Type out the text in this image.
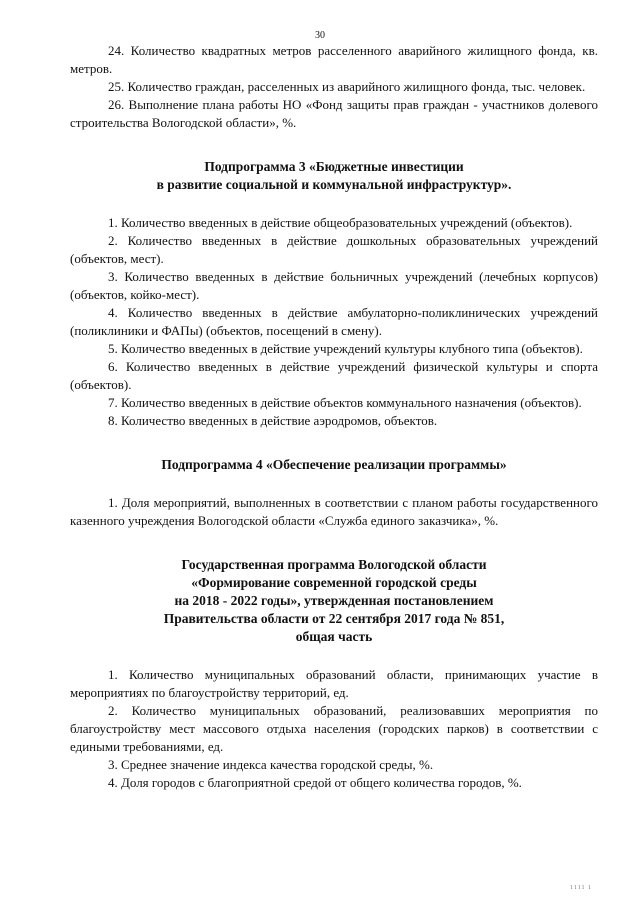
30

24. Количество квадратных метров расселенного аварийного жилищного фонда, кв. метров.

25. Количество граждан, расселенных из аварийного жилищного фонда, тыс. человек.

26. Выполнение плана работы НО «Фонд защиты прав граждан - участников долевого строительства Вологодской области», %.

Подпрограмма 3 «Бюджетные инвестиции
в развитие социальной и коммунальной инфраструктур».

1. Количество введенных в действие общеобразовательных учреждений (объектов).

2. Количество введенных в действие дошкольных образовательных учреждений (объектов, мест).

3. Количество введенных в действие больничных учреждений (лечебных корпусов) (объектов, койко-мест).

4. Количество введенных в действие амбулаторно-поликлинических учреждений (поликлиники и ФАПы) (объектов, посещений в смену).

5. Количество введенных в действие учреждений культуры клубного типа (объектов).

6. Количество введенных в действие учреждений физической культуры и спорта (объектов).

7. Количество введенных в действие объектов коммунального назначения (объектов).

8. Количество введенных в действие аэродромов, объектов.

Подпрограмма 4 «Обеспечение реализации программы»

1. Доля мероприятий, выполненных в соответствии с планом работы государственного казенного учреждения Вологодской области «Служба единого заказчика», %.

Государственная программа Вологодской области
«Формирование современной городской среды
на 2018 - 2022 годы», утвержденная постановлением
Правительства области от 22 сентября 2017 года № 851,
общая часть

1. Количество муниципальных образований области, принимающих участие в мероприятиях по благоустройству территорий, ед.

2. Количество муниципальных образований, реализовавших мероприятия по благоустройству мест массового отдыха населения (городских парков) в соответствии с едиными требованиями, ед.

3. Среднее значение индекса качества городской среды, %.

4. Доля городов с благоприятной средой от общего количества городов, %.

1111 1
